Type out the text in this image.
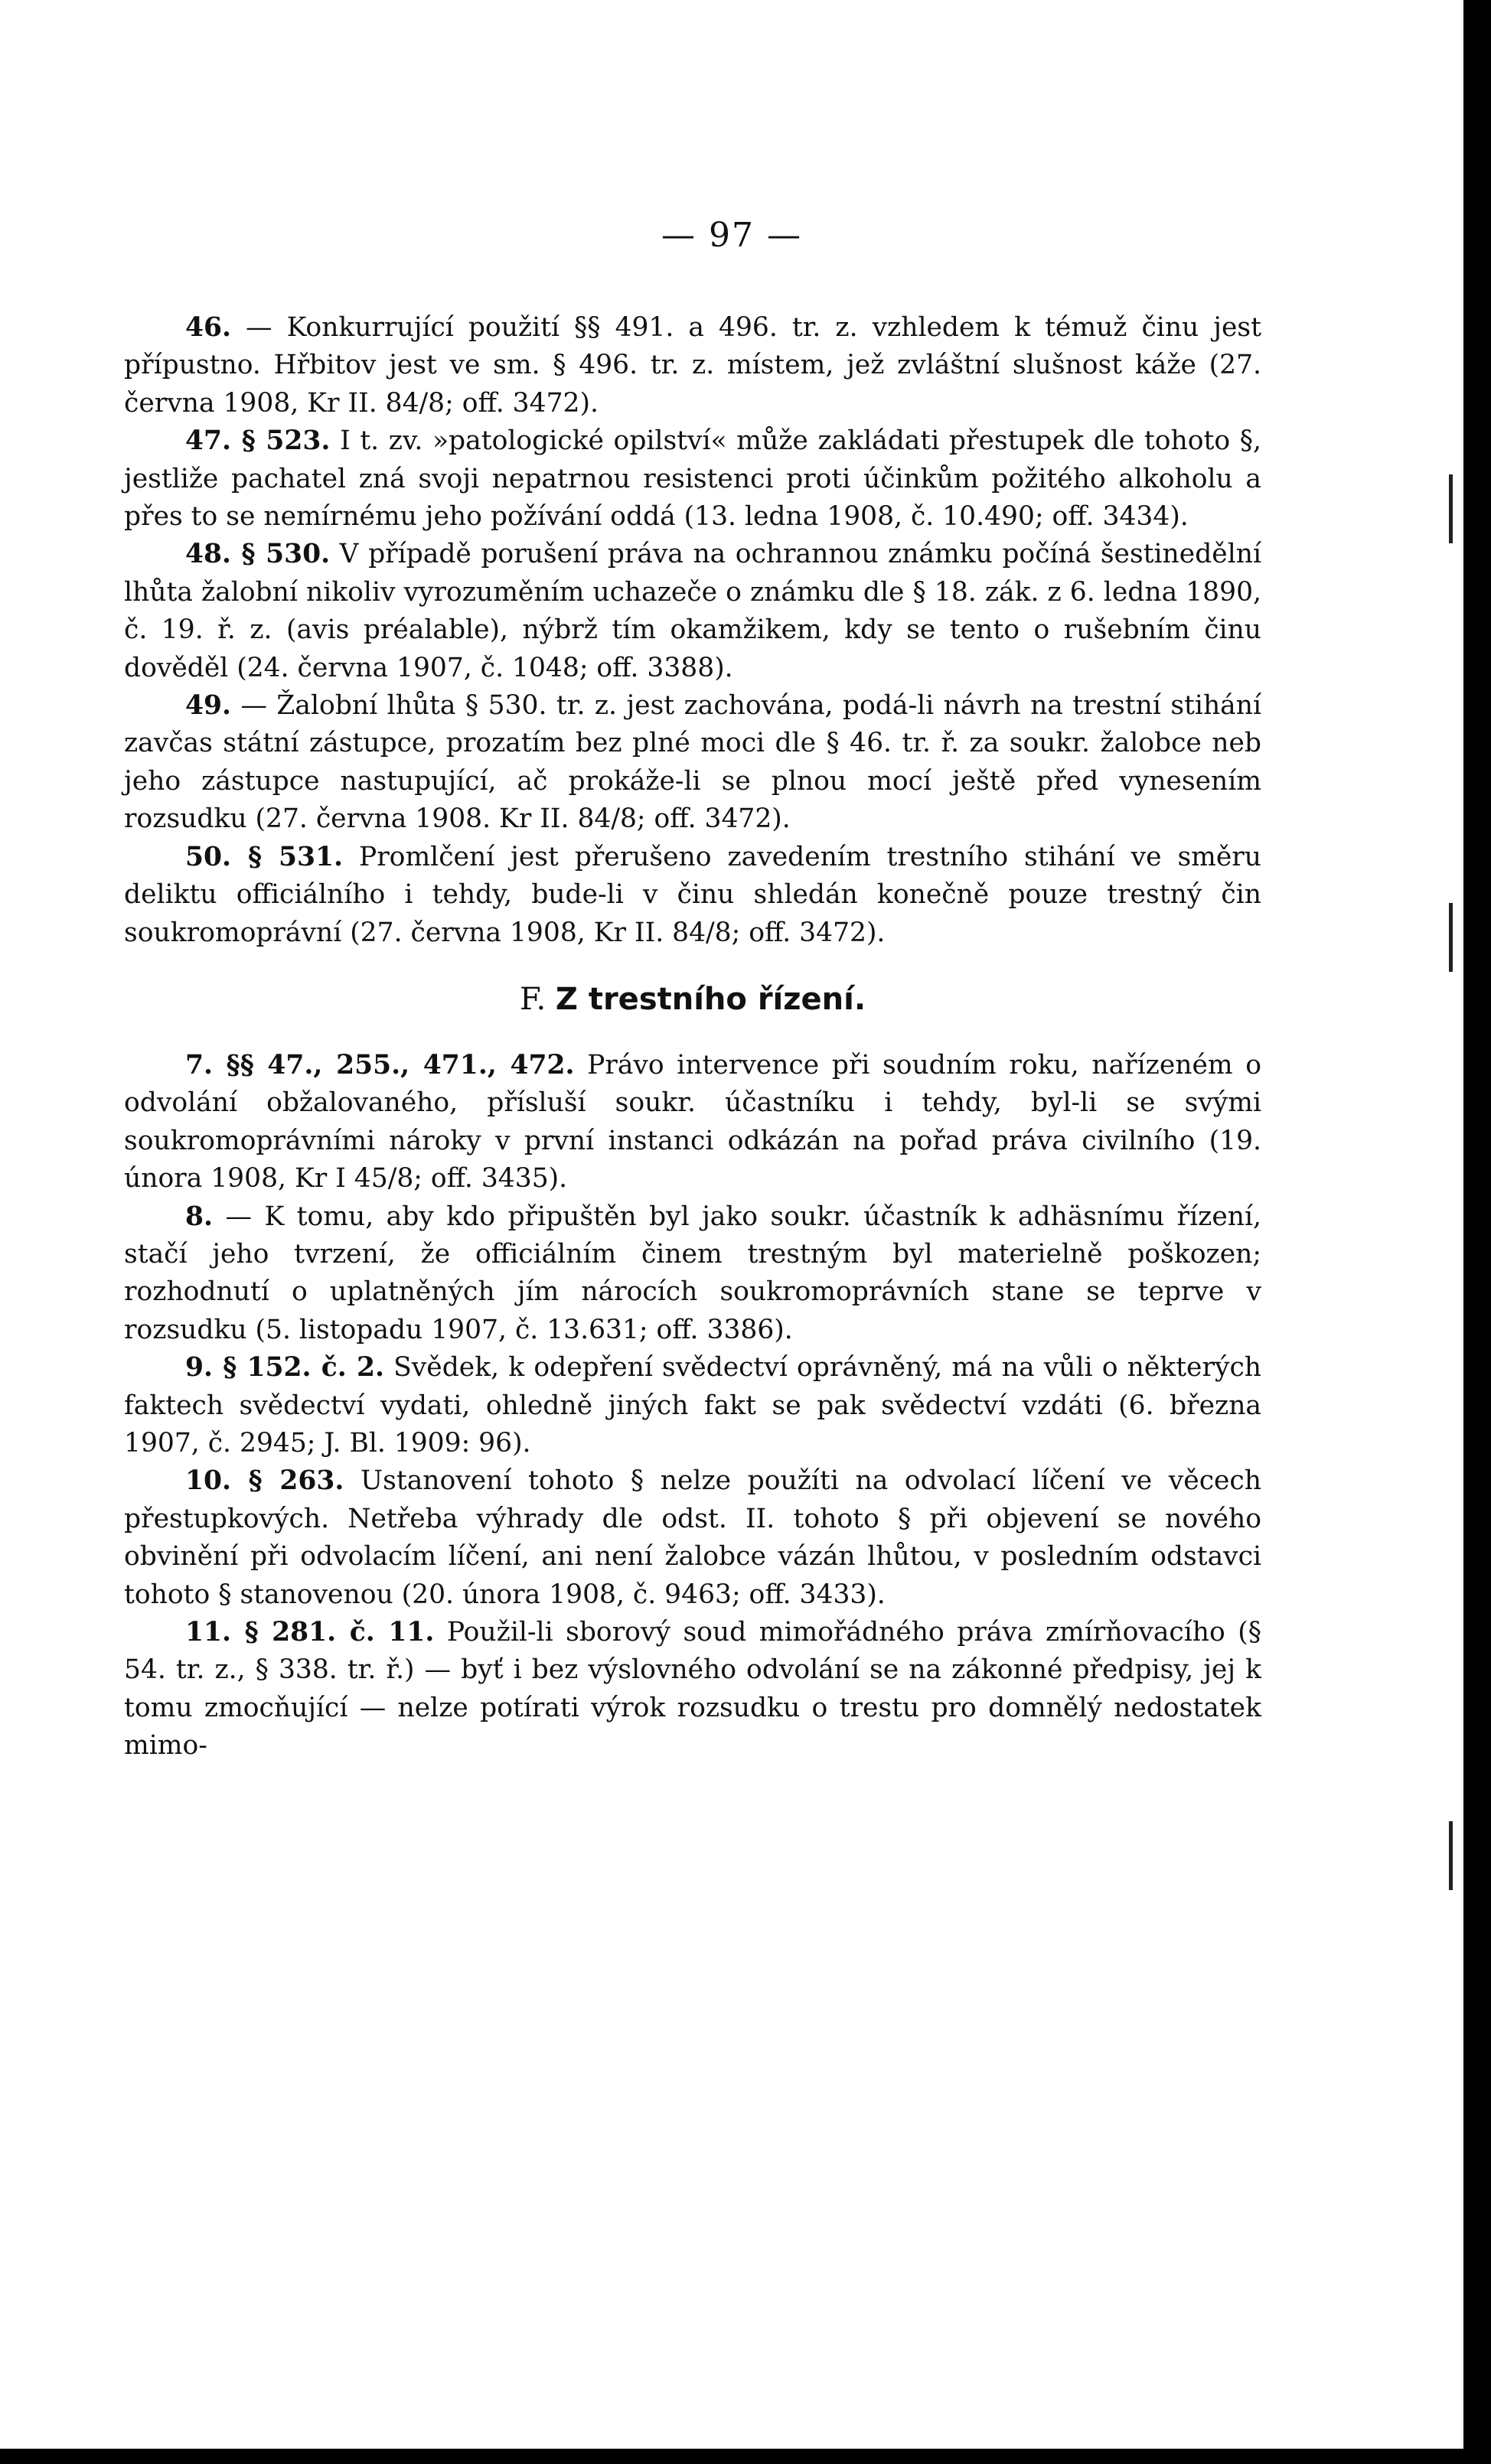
— 97 —

46. — Konkurrující použití §§ 491. a 496. tr. z. vzhledem k témuž činu jest přípustno. Hřbitov jest ve sm. § 496. tr. z. místem, jež zvláštní slušnost káže (27. června 1908, Kr II. 84/8; off. 3472).

47. § 523. I t. zv. »patologické opilství« může zakládati přestupek dle tohoto §, jestliže pachatel zná svoji nepatrnou resistenci proti účinkům požitého alkoholu a přes to se nemírnému jeho požívání oddá (13. ledna 1908, č. 10.490; off. 3434).

48. § 530. V případě porušení práva na ochrannou známku počíná šestinedělní lhůta žalobní nikoliv vyrozuměním uchazeče o známku dle § 18. zák. z 6. ledna 1890, č. 19. ř. z. (avis préalable), nýbrž tím okamžikem, kdy se tento o rušebním činu dověděl (24. června 1907, č. 1048; off. 3388).

49. — Žalobní lhůta § 530. tr. z. jest zachována, podá-li návrh na trestní stihání zavčas státní zástupce, prozatím bez plné moci dle § 46. tr. ř. za soukr. žalobce neb jeho zástupce nastupující, ač prokáže-li se plnou mocí ještě před vynesením rozsudku (27. června 1908. Kr II. 84/8; off. 3472).

50. § 531. Promlčení jest přerušeno zavedením trestního stihání ve směru deliktu officiálního i tehdy, bude-li v činu shledán konečně pouze trestný čin soukromoprávní (27. června 1908, Kr II. 84/8; off. 3472).

F. Z trestního řízení.

7. §§ 47., 255., 471., 472. Právo intervence při soudním roku, nařízeném o odvolání obžalovaného, přísluší soukr. účastníku i tehdy, byl-li se svými soukromoprávními nároky v první instanci odkázán na pořad práva civilního (19. února 1908, Kr I 45/8; off. 3435).

8. — K tomu, aby kdo připuštěn byl jako soukr. účastník k adhäsnímu řízení, stačí jeho tvrzení, že officiálním činem trestným byl materielně poškozen; rozhodnutí o uplatněných jím nárocích soukromoprávních stane se teprve v rozsudku (5. listopadu 1907, č. 13.631; off. 3386).

9. § 152. č. 2. Svědek, k odepření svědectví oprávněný, má na vůli o některých faktech svědectví vydati, ohledně jiných fakt se pak svědectví vzdáti (6. března 1907, č. 2945; J. Bl. 1909: 96).

10. § 263. Ustanovení tohoto § nelze použíti na odvolací líčení ve věcech přestupkových. Netřeba výhrady dle odst. II. tohoto § při objevení se nového obvinění při odvolacím líčení, ani není žalobce vázán lhůtou, v posledním odstavci tohoto § stanovenou (20. února 1908, č. 9463; off. 3433).

11. § 281. č. 11. Použil-li sborový soud mimořádného práva zmírňovacího (§ 54. tr. z., § 338. tr. ř.) — byť i bez výslovného odvolání se na zákonné předpisy, jej k tomu zmocňující — nelze potírati výrok rozsudku o trestu pro domnělý nedostatek mimo-
